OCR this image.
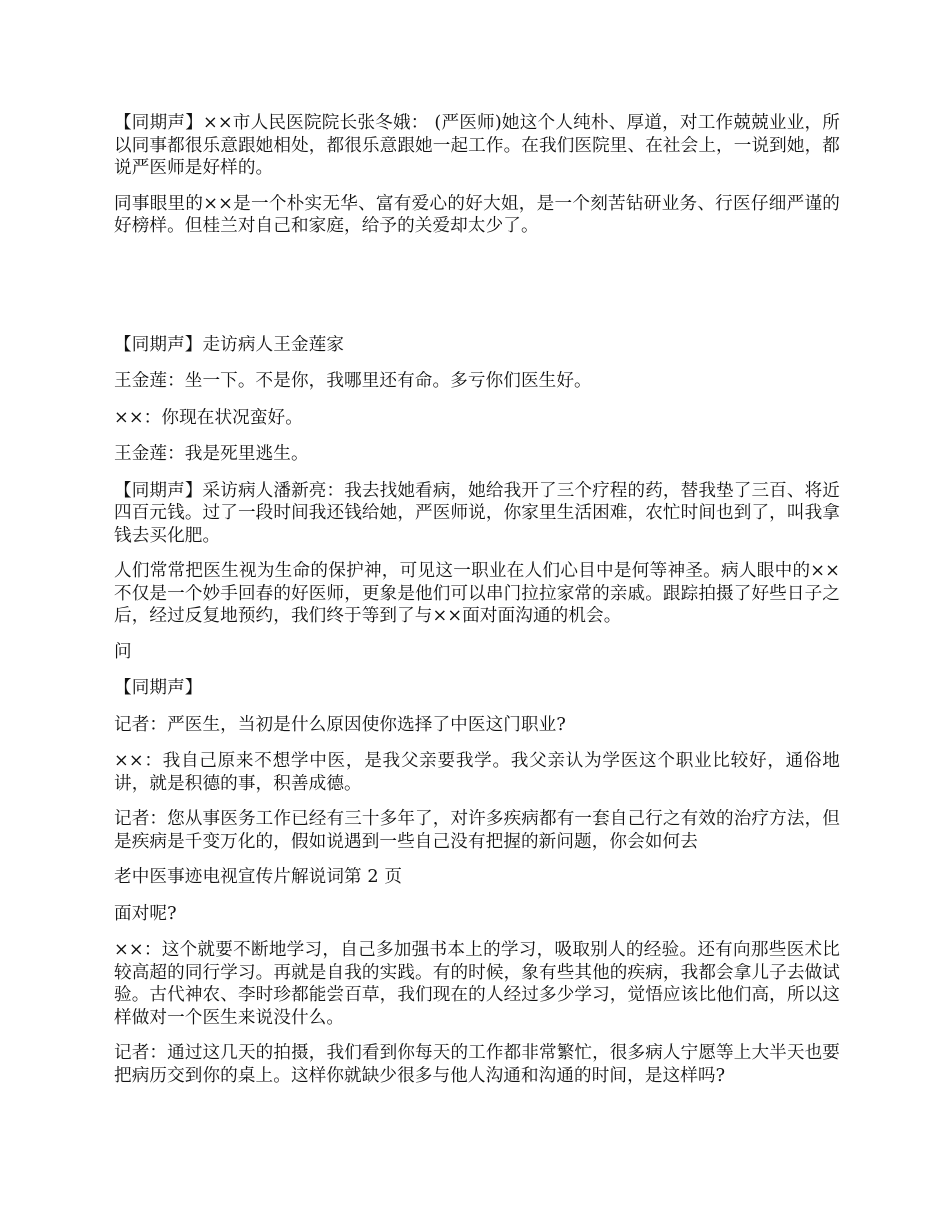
【同期声】××市人民医院院长张冬娥： (严医师)她这个人纯朴、厚道，对工作兢兢业业，所以同事都很乐意跟她相处，都很乐意跟她一起工作。在我们医院里、在社会上，一说到她，都说严医师是好样的。

同事眼里的××是一个朴实无华、富有爱心的好大姐，是一个刻苦钻研业务、行医仔细严谨的好榜样。但桂兰对自己和家庭，给予的关爱却太少了。

【同期声】走访病人王金莲家

王金莲：坐一下。不是你，我哪里还有命。多亏你们医生好。

××：你现在状况蛮好。

王金莲：我是死里逃生。

【同期声】采访病人潘新亮：我去找她看病，她给我开了三个疗程的药，替我垫了三百、将近四百元钱。过了一段时间我还钱给她，严医师说，你家里生活困难，农忙时间也到了，叫我拿钱去买化肥。

人们常常把医生视为生命的保护神，可见这一职业在人们心目中是何等神圣。病人眼中的××不仅是一个妙手回春的好医师，更象是他们可以串门拉拉家常的亲戚。跟踪拍摄了好些日子之后，经过反复地预约，我们终于等到了与××面对面沟通的机会。

问

【同期声】

记者：严医生，当初是什么原因使你选择了中医这门职业?

××：我自己原来不想学中医，是我父亲要我学。我父亲认为学医这个职业比较好，通俗地讲，就是积德的事，积善成德。

记者：您从事医务工作已经有三十多年了，对许多疾病都有一套自己行之有效的治疗方法，但是疾病是千变万化的，假如说遇到一些自己没有把握的新问题，你会如何去

老中医事迹电视宣传片解说词第 2 页

面对呢?

××：这个就要不断地学习，自己多加强书本上的学习，吸取别人的经验。还有向那些医术比较高超的同行学习。再就是自我的实践。有的时候，象有些其他的疾病，我都会拿儿子去做试验。古代神农、李时珍都能尝百草，我们现在的人经过多少学习，觉悟应该比他们高，所以这样做对一个医生来说没什么。

记者：通过这几天的拍摄，我们看到你每天的工作都非常繁忙，很多病人宁愿等上大半天也要把病历交到你的桌上。这样你就缺少很多与他人沟通和沟通的时间，是这样吗?
